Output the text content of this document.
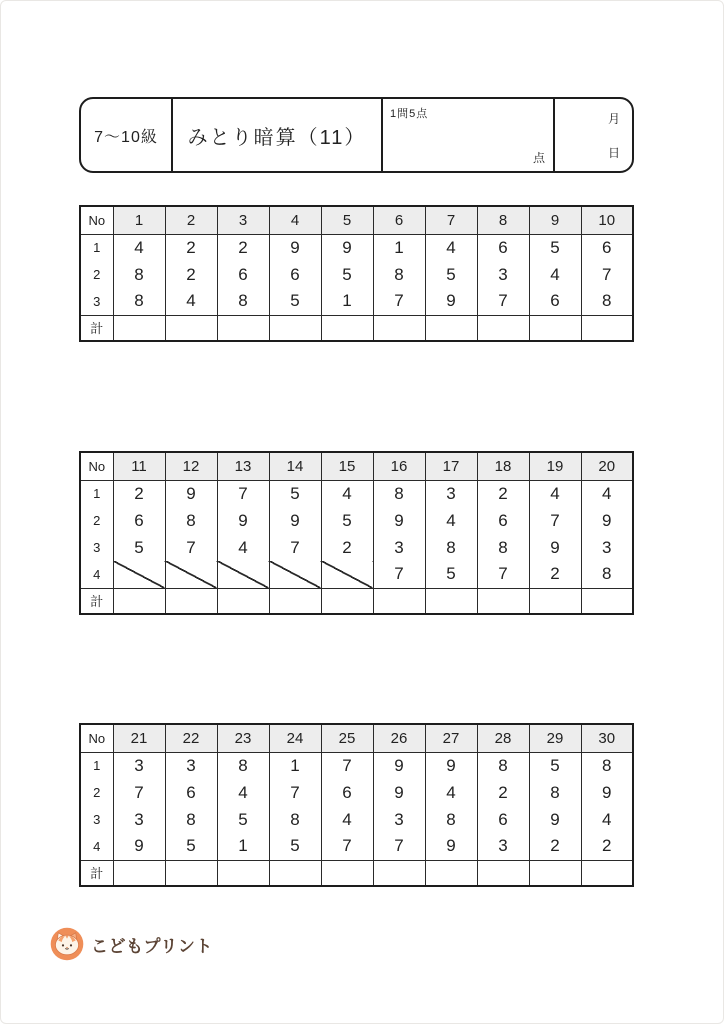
7〜10級	みとり暗算（11）
1問5点
点
月
日
No	1	2	3	4	5	6	7	8	9	10
1	4	2	2	9	9	1	4	6	5	6
2	8	2	6	6	5	8	5	3	4	7
3	8	4	8	5	1	7	9	7	6	8
計										
No	11	12	13	14	15	16	17	18	19	20
1	2	9	7	5	4	8	3	2	4	4
2	6	8	9	9	5	9	4	6	7	9
3	5	7	4	7	2	3	8	8	9	3
4						7	5	7	2	8
計										
No	21	22	23	24	25	26	27	28	29	30
1	3	3	8	1	7	9	9	8	5	8
2	7	6	4	7	6	9	4	2	8	9
3	3	8	5	8	4	3	8	6	9	4
4	9	5	1	5	7	7	9	3	2	2
計										
こどもプリント
